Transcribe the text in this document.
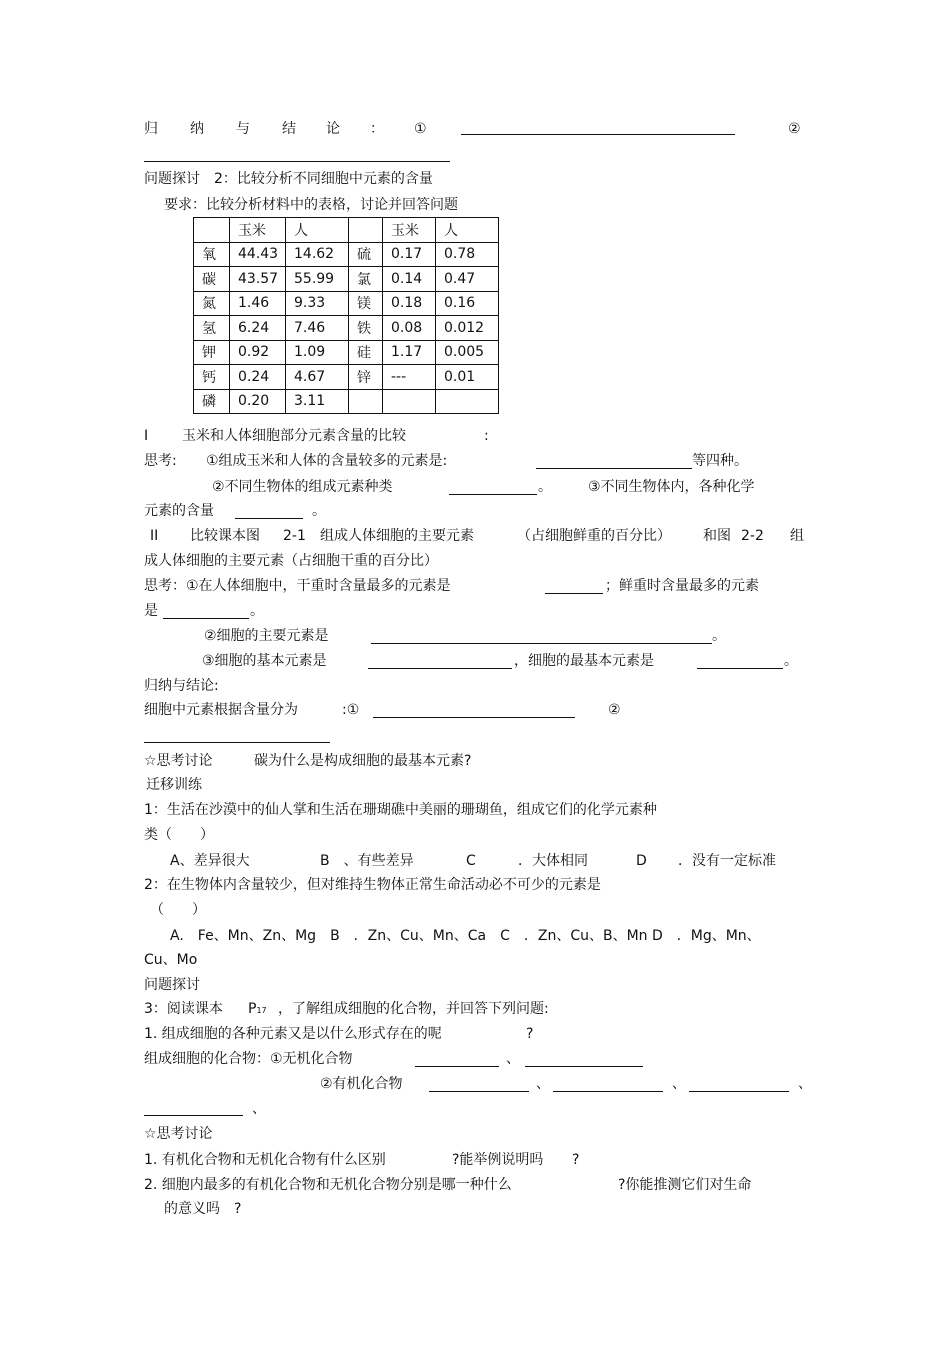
归 纳 与 结 论 ： ①	②
问题探讨　2：比较分析不同细胞中元素的含量
要求：比较分析材料中的表格，讨论并回答问题
	玉米	人		玉米	人
氧	44.43	14.62	硫	0.17	0.78
碳	43.57	55.99	氯	0.14	0.47
氮	1.46	9.33	镁	0.18	0.16
氢	6.24	7.46	铁	0.08	0.012
钾	0.92	1.09	硅	1.17	0.005
钙	0.24	4.67	锌	---	0.01
磷	0.20	3.11			
I 玉米和人体细胞部分元素含量的比较	:
思考: ①组成玉米和人体的含量较多的元素是:	等四种。
②不同生物体的组成元素种类	。	③不同生物体内，各种化学
元素的含量	。
II 比较课本图 2-1 组成人体细胞的主要元素	（占细胞鲜重的百分比） 和图 2-2 组
成人体细胞的主要元素（占细胞干重的百分比）
思考：①在人体细胞中，干重时含量最多的元素是	；鲜重时含量最多的元素
是	。
②细胞的主要元素是	。
③细胞的基本元素是	，细胞的最基本元素是	。
归纳与结论:
细胞中元素根据含量分为	:①	②
☆思考讨论	碳为什么是构成细胞的最基本元素?
迁移训练
1：生活在沙漠中的仙人掌和生活在珊瑚礁中美丽的珊瑚鱼，组成它们的化学元素种
类（　　）
A、差异很大	B　、有些差异	C	．大体相同	D ．没有一定标准
2：在生物体内含量较少，但对维持生物体正常生命活动必不可少的元素是
（　　）
A.　Fe、Mn、Zn、Mg　B　．Zn、Cu、Mn、Ca　C　．Zn、Cu、B、Mn D　．Mg、Mn、
Cu、Mo
问题探讨
3：阅读课本 P17 ，了解组成细胞的化合物，并回答下列问题:
1. 组成细胞的各种元素又是以什么形式存在的呢	?
组成细胞的化合物：①无机化合物	、
②有机化合物	、	、	、
、
☆思考讨论
1. 有机化合物和无机化合物有什么区别	?能举例说明吗 ?
2. 细胞内最多的有机化合物和无机化合物分别是哪一种什么	?你能推测它们对生命
的意义吗 ?
